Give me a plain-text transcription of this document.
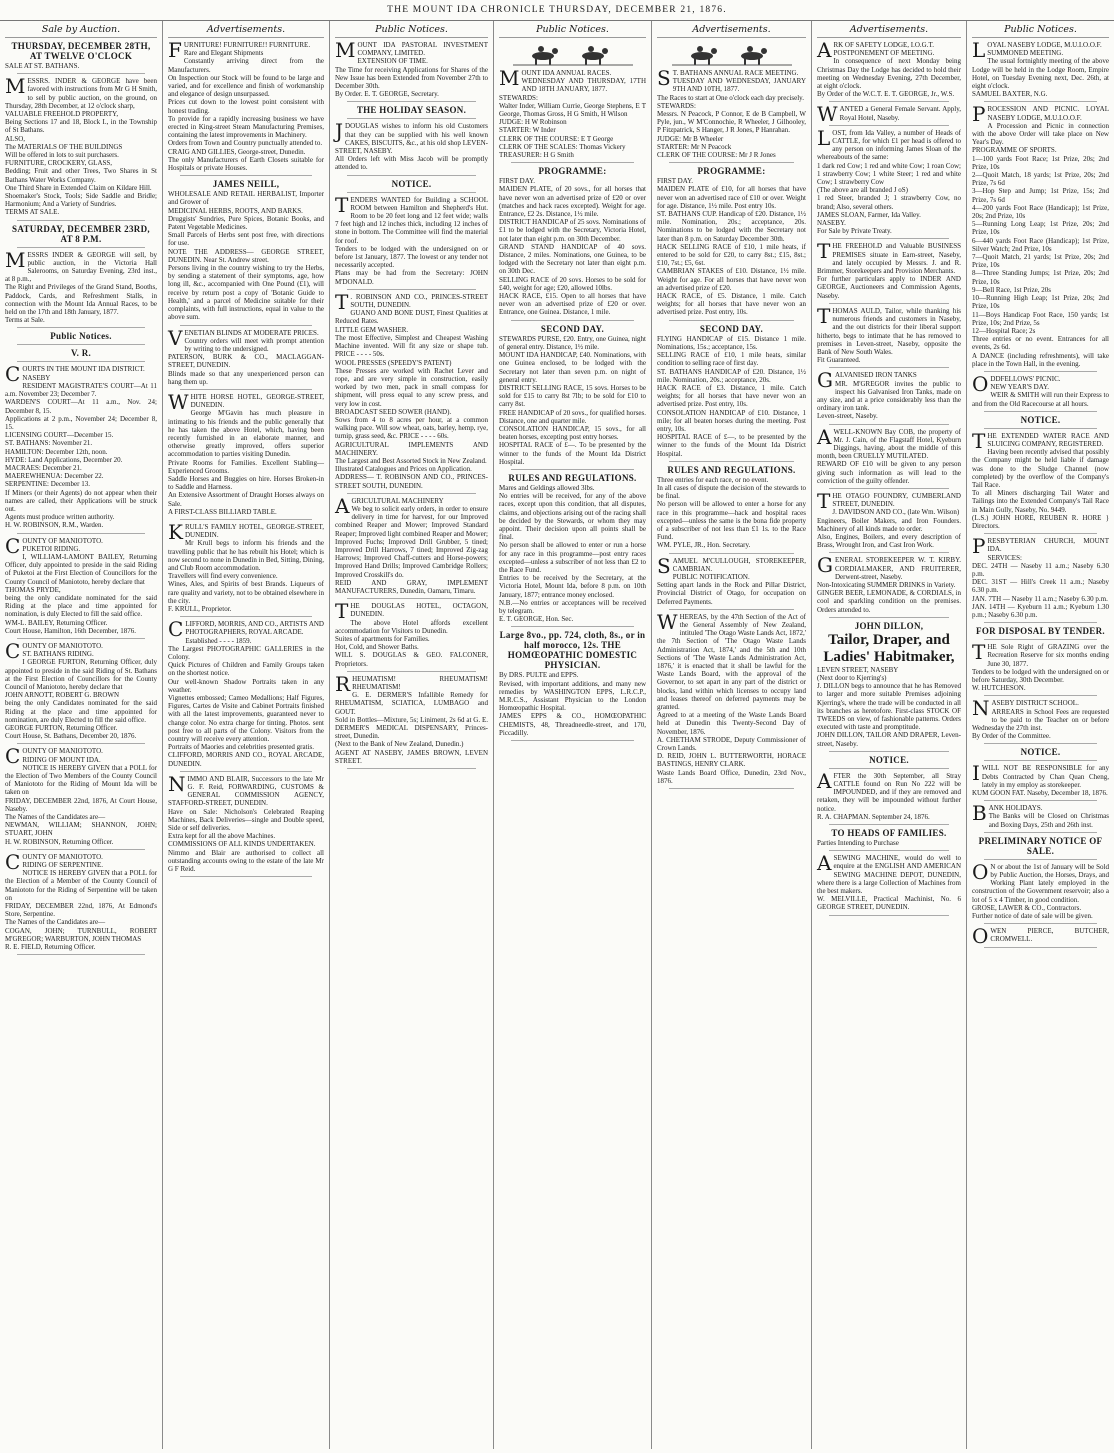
THE MOUNT IDA CHRONICLE THURSDAY, DECEMBER 21, 1876.
Sale by Auction.
THURSDAY, DECEMBER 28TH, AT TWELVE O'CLOCK
SALE AT ST. BATHANS.
MESSRS. INDER & GEORGE have been favored with instructions from Mr G H Smith, to sell by public auction, on the ground, on Thursday, 28th December, at 12 o'clock sharp,
VALUABLE FREEHOLD PROPERTY,
Being Sections 17 and 18, Block I., in the Township of St Bathans.
ALSO,
The MATERIALS OF THE BUILDINGS
Will be offered in lots to suit purchasers.
FURNITURE, CROCKERY, GLASS,
Bedding; Fruit and other Trees, Two Shares in St Bathans Water Works Company.
One Third Share in Extended Claim on Kildare Hill.
Shoemaker's Stock, Tools; Side Saddle and Bridle; Harmonium; And a Variety of Sundries.
TERMS AT SALE.
SATURDAY, DECEMBER 23RD, AT 8 P.M.
MESSRS INDER & GEORGE will sell, by public auction, in the Victoria Hall Salerooms, on Saturday Evening, 23rd inst., at 8 p.m.,
The Right and Privileges of the Grand Stand, Booths, Paddock, Cards, and Refreshment Stalls, in connection with the Mount Ida Annual Races, to be held on the 17th and 18th January, 1877.
Terms at Sale.
Public Notices.
V. R.
COURTS IN THE MOUNT IDA DISTRICT.
NASEBY
RESIDENT MAGISTRATE'S COURT—At 11 a.m. November 23; December 7.
WARDEN'S COURT—At 11 a.m., Nov. 24; December 8, 15.
Applications at 2 p.m., November 24; December 8, 15.
LICENSING COURT—December 15.
ST. BATHANS: November 21.
HAMILTON: December 12th, noon.
HYDE: Land Applications, December 20.
MACRAES: December 21.
MAEREWHENUA: December 22.
SERPENTINE: December 13.
If Miners (or their Agents) do not appear when their names are called, their Applications will be struck out.
Agents must produce written authority.
H. W. ROBINSON, R.M., Warden.
COUNTY OF MANIOTOTO.
PUKETOI RIDING.
I, WILLIAM-LAMONT BAILEY, Returning Officer, duly appointed to preside in the said Riding of Puketoi at the First Election of Councillors for the County Council of Maniototo, hereby declare that
THOMAS PRYDE,
being the only candidate nominated for the said Riding at the place and time appointed for nomination, is duly Elected to fill the said office.
WM-L. BAILEY, Returning Officer.
Court House, Hamilton, 16th December, 1876.
COUNTY OF MANIOTOTO.
ST. BATHANS RIDING.
I GEORGE FURTON, Returning Officer, duly appointed to preside in the said Riding of St. Bathans at the First Election of Councillors for the County Council of Maniototo, hereby declare that
JOHN ARNOTT, ROBERT G. BROWN
being the only Candidates nominated for the said Riding at the place and time appointed for nomination, are duly Elected to fill the said office.
GEORGE FURTON, Returning Officer.
Court House, St. Bathans, December 20, 1876.
COUNTY OF MANIOTOTO.
RIDING OF MOUNT IDA.
NOTICE IS HEREBY GIVEN that a POLL for the Election of Two Members of the County Council of Maniototo for the Riding of Mount Ida will be taken on
FRIDAY, DECEMBER 22nd, 1876, At Court House, Naseby.
The Names of the Candidates are—
NEWMAN, WILLIAM; SHANNON, JOHN; STUART, JOHN
H. W. ROBINSON, Returning Officer.
COUNTY OF MANIOTOTO.
RIDING OF SERPENTINE.
NOTICE IS HEREBY GIVEN that a POLL for the Election of a Member of the County Council of Maniototo for the Riding of Serpentine will be taken on
FRIDAY, DECEMBER 22nd, 1876, At Edmond's Store, Serpentine.
The Names of the Candidates are—
COGAN, JOHN; TURNBULL, ROBERT M'GREGOR; WARBURTON, JOHN THOMAS
R. E. FIELD, Returning Officer.
Advertisements.
FURNITURE! FURNITURE!! FURNITURE.
Rare and Elegant Shipments
Constantly arriving direct from the Manufacturers.
On Inspection our Stock will be found to be large and varied, and for excellence and finish of workmanship and elegance of design unsurpassed.
Prices cut down to the lowest point consistent with honest trading.
To provide for a rapidly increasing business we have erected in King-street Steam Manufacturing Premises, containing the latest improvements in Machinery.
Orders from Town and Country punctually attended to.
CRAIG AND GILLIES, George-street, Dunedin.
The only Manufacturers of Earth Closets suitable for Hospitals or private Houses.
JAMES NEILL,
WHOLESALE AND RETAIL HERBALIST, Importer and Grower of
MEDICINAL HERBS, ROOTS, AND BARKS.
Druggists' Sundries, Pure Spices, Botanic Books, and Patent Vegetable Medicines.
Small Parcels of Herbs sent post free, with directions for use.
NOTE THE ADDRESS— GEORGE STREET, DUNEDIN. Near St. Andrew street.
Persons living in the country wishing to try the Herbs, by sending a statement of their symptoms, age, how long ill, &c., accompanied with One Pound (£1), will receive by return post a copy of 'Botanic Guide to Health,' and a parcel of Medicine suitable for their complaints, with full instructions, equal in value to the above sum.
VENETIAN BLINDS AT MODERATE PRICES.
Country orders will meet with prompt attention by writing to the undersigned.
PATERSON, BURK & CO., MACLAGGAN-STREET, DUNEDIN.
Blinds made so that any unexperienced person can hang them up.
WHITE HORSE HOTEL, GEORGE-STREET, DUNEDIN.
George M'Gavin has much pleasure in intimating to his friends and the public generally that he has taken the above Hotel, which, having been recently furnished in an elaborate manner, and otherwise greatly improved, offers superior accommodation to parties visiting Dunedin.
Private Rooms for Families. Excellent Stabling—Experienced Grooms.
Saddle Horses and Buggies on hire. Horses Broken-in to Saddle and Harness.
An Extensive Assortment of Draught Horses always on Sale.
A FIRST-CLASS BILLIARD TABLE.
KRULL'S FAMILY HOTEL, GEORGE-STREET, DUNEDIN.
Mr Krull begs to inform his friends and the travelling public that he has rebuilt his Hotel; which is now second to none in Dunedin in Bed, Sitting, Dining, and Club Room accommodation.
Travellers will find every convenience.
Wines, Ales, and Spirits of best Brands. Liqueurs of rare quality and variety, not to be obtained elsewhere in the city.
F. KRULL, Proprietor.
CLIFFORD, MORRIS, AND CO., ARTISTS AND PHOTOGRAPHERS, ROYAL ARCADE.
Established - - - - 1859.
The Largest PHOTOGRAPHIC GALLERIES in the Colony.
Quick Pictures of Children and Family Groups taken on the shortest notice.
Our well-known Shadow Portraits taken in any weather.
Vignettes embossed; Cameo Medallions; Half Figures, Figures, Cartes de Visite and Cabinet Portraits finished with all the latest improvements, guaranteed never to change color. No extra charge for tinting. Photos. sent post free to all parts of the Colony. Visitors from the country will receive every attention.
Portraits of Maories and celebrities presented gratis.
CLIFFORD, MORRIS AND CO., ROYAL ARCADE, DUNEDIN.
NIMMO AND BLAIR, Successors to the late Mr G. F. Reid, FORWARDING, CUSTOMS & GENERAL COMMISSION AGENCY, STAFFORD-STREET, DUNEDIN.
Have on Sale: Nicholson's Celebrated Reaping Machines, Back Deliveries—single and Double speed, Side or self deliveries.
Extra kept for all the above Machines.
COMMISSIONS OF ALL KINDS UNDERTAKEN.
Nimmo and Blair are authorised to collect all outstanding accounts owing to the estate of the late Mr G F Reid.
Public Notices.
MOUNT IDA PASTORAL INVESTMENT COMPANY, LIMITED.
EXTENSION OF TIME.
The Time for receiving Applications for Shares of the New Issue has been Extended from November 27th to December 30th.
By Order. E. T. GEORGE, Secretary.
THE HOLIDAY SEASON.
JDOUGLAS wishes to inform his old Customers that they can be supplied with his well known CAKES, BISCUITS, &c., at his old shop LEVEN-STREET, NASEBY.
All Orders left with Miss Jacob will be promptly attended to.
NOTICE.
TENDERS WANTED for Building a SCHOOL ROOM between Hamilton and Shepherd's Hut. Room to be 20 feet long and 12 feet wide; walls 7 feet high and 12 inches thick, including 12 inches of stone in bottom. The Committee will find the material for roof.
Tenders to be lodged with the undersigned on or before 1st January, 1877. The lowest or any tender not necessarily accepted.
Plans may be had from the Secretary: JOHN M'DONALD.
T . ROBINSON AND CO., PRINCES-STREET SOUTH, DUNEDIN.
GUANO AND BONE DUST, Finest Qualities at Reduced Rates.
LITTLE GEM WASHER.
The most Effective, Simplest and Cheapest Washing Machine invented. Will fit any size or shape tub. PRICE - - - - 50s.
WOOL PRESSES (SPEEDY'S PATENT)
These Presses are worked with Rachet Lever and rope, and are very simple in construction, easily worked by two men, pack in small compass for shipment, will press equal to any screw press, and very low in cost.
BROADCAST SEED SOWER (HAND).
Sows from 4 to 8 acres per hour, at a common walking pace. Will sow wheat, oats, barley, hemp, rye, turnip, grass seed, &c. PRICE - - - - 60s.
AGRICULTURAL IMPLEMENTS AND MACHINERY.
The Largest and Best Assorted Stock in New Zealand.
Illustrated Catalogues and Prices on Application.
ADDRESS— T. ROBINSON AND CO., PRINCES-STREET SOUTH, DUNEDIN.
AGRICULTURAL MACHINERY
We beg to solicit early orders, in order to ensure delivery in time for harvest, for our Improved combined Reaper and Mower; Improved Standard Reaper; Improved light combined Reaper and Mower; Improved Fuchs; Improved Drill Grubber, 5 tined; Improved Drill Harrows, 7 tined; Improved Zig-zag Harrows; Improved Chaff-cutters and Horse-powers; Improved Hand Drills; Improved Cambridge Rollers; Improved Crosskill's do.
REID AND GRAY, IMPLEMENT MANUFACTURERS, Dunedin, Oamaru, Timaru.
THE DOUGLAS HOTEL, OCTAGON, DUNEDIN.
The above Hotel affords excellent accommodation for Visitors to Dunedin.
Suites of apartments for Families.
Hot, Cold, and Shower Baths.
WILL S. DOUGLAS & GEO. FALCONER, Proprietors.
RHEUMATISM! RHEUMATISM! RHEUMATISM!
G. E. DERMER'S Infallible Remedy for RHEUMATISM, SCIATICA, LUMBAGO and GOUT.
Sold in Bottles—Mixture, 5s; Liniment, 2s 6d at G. E. DERMER'S MEDICAL DISPENSARY, Princes-street, Dunedin.
(Next to the Bank of New Zealand, Dunedin.)
AGENT AT NASEBY, JAMES BROWN, LEVEN STREET.
Public Notices.
MOUNT IDA ANNUAL RACES.
WEDNESDAY AND THURSDAY, 17TH AND 18TH JANUARY, 1877.
STEWARDS:
Walter Inder, William Currie, George Stephens, E T George, Thomas Gross, H G Smith, H Wilson
JUDGE: H W Robinson
STARTER: W Inder
CLERK OF THE COURSE: E T George
CLERK OF THE SCALES: Thomas Vickery
TREASURER: H G Smith
PROGRAMME:
FIRST DAY.
MAIDEN PLATE, of 20 sovs., for all horses that have never won an advertised prize of £20 or over (matches and hack races excepted). Weight for age. Entrance, £2 2s. Distance, 1½ mile.
DISTRICT HANDICAP of 25 sovs. Nominations of £1 to be lodged with the Secretary, Victoria Hotel, not later than eight p.m. on 30th December.
GRAND STAND HANDICAP of 40 sovs. Distance, 2 miles. Nominations, one Guinea, to be lodged with the Secretary not later than eight p.m. on 30th Dec.
SELLING RACE of 20 sovs. Horses to be sold for £40, weight for age; £20, allowed 10lbs.
HACK RACE, £15. Open to all horses that have never won an advertised prize of £20 or over. Entrance, one Guinea. Distance, 1 mile.
SECOND DAY.
STEWARDS PURSE, £20. Entry, one Guinea, night of general entry. Distance, 1½ mile.
MOUNT IDA HANDICAP, £40. Nominations, with one Guinea enclosed, to be lodged with the Secretary not later than seven p.m. on night of general entry.
DISTRICT SELLING RACE, 15 sovs. Horses to be sold for £15 to carry 8st 7lb; to be sold for £10 to carry 8st.
FREE HANDICAP of 20 sovs., for qualified horses. Distance, one and quarter mile.
CONSOLATION HANDICAP, 15 sovs., for all beaten horses, excepting post entry horses.
HOSPITAL RACE of £—. To be presented by the winner to the funds of the Mount Ida District Hospital.
RULES AND REGULATIONS.
Mares and Geldings allowed 3lbs.
No entries will be received, for any of the above races, except upon this condition, that all disputes, claims, and objections arising out of the racing shall be decided by the Stewards, or whom they may appoint. Their decision upon all points shall be final.
No person shall be allowed to enter or run a horse for any race in this programme—post entry races excepted—unless a subscriber of not less than £2 to the Race Fund.
Entries to be received by the Secretary, at the Victoria Hotel, Mount Ida, before 8 p.m. on 10th January, 1877; entrance money enclosed.
N.B.—No entries or acceptances will be received by telegram.
E. T. GEORGE, Hon. Sec.
Large 8vo., pp. 724, cloth, 8s., or in half morocco, 12s. THE HOMŒOPATHIC DOMESTIC PHYSICIAN.
By DRS. PULTE and EPPS.
Revised, with important additions, and many new remedies by WASHINGTON EPPS, L.R.C.P., M.R.C.S., Assistant Physician to the London Homœopathic Hospital.
JAMES EPPS & CO., HOMŒOPATHIC CHEMISTS, 48, Threadneedle-street, and 170, Piccadilly.
Advertisements.
S T. BATHANS ANNUAL RACE MEETING.
TUESDAY AND WEDNESDAY, JANUARY 9TH AND 10TH, 1877.
The Races to start at One o'clock each day precisely.
STEWARDS:
Messrs. N Peacock, P Connor, E de B Campbell, W Pyle, jun., W M'Connochie, R Wheeler, J Gilhooley, P Fitzpatrick, S Hanger, J R Jones, P Hanrahan.
JUDGE: Mr B Wheeler
STARTER: Mr N Peacock
CLERK OF THE COURSE: Mr J R Jones
PROGRAMME:
FIRST DAY.
MAIDEN PLATE of £10, for all horses that have never won an advertised race of £10 or over. Weight for age. Distance, 1½ mile. Post entry 10s.
ST. BATHANS CUP. Handicap of £20. Distance, 1½ mile. Nomination, 20s.; acceptance, 20s. Nominations to be lodged with the Secretary not later than 8 p.m. on Saturday December 30th.
HACK SELLING RACE of £10, 1 mile heats, if entered to be sold for £20, to carry 8st.; £15, 8st.; £10, 7st.; £5, 6st.
CAMBRIAN STAKES of £10. Distance, 1½ mile. Weight for age. For all horses that have never won an advertised prize of £20.
HACK RACE, of £5. Distance, 1 mile. Catch weights; for all horses that have never won an advertised prize. Post entry, 10s.
SECOND DAY.
FLYING HANDICAP of £15. Distance 1 mile. Nominations, 15s.; acceptance, 15s.
SELLING RACE of £10, 1 mile heats, similar condition to selling race of first day.
ST. BATHANS HANDICAP of £20. Distance, 1½ mile. Nomination, 20s.; acceptance, 20s.
HACK RACE of £3. Distance, 1 mile. Catch weights; for all horses that have never won an advertised prize. Post entry, 10s.
CONSOLATION HANDICAP of £10. Distance, 1 mile; for all beaten horses during the meeting. Post entry, 10s.
HOSPITAL RACE of £—, to be presented by the winner to the funds of the Mount Ida District Hospital.
RULES AND REGULATIONS.
Three entries for each race, or no event.
In all cases of dispute the decision of the stewards to be final.
No person will be allowed to enter a horse for any race in this programme—hack and hospital races excepted—unless the same is the bona fide property of a subscriber of not less than £1 1s. to the Race Fund.
WM. PYLE, JR., Hon. Secretary.
SAMUEL M'CULLOUGH, STOREKEEPER, CAMBRIAN.
PUBLIC NOTIFICATION.
Setting apart lands in the Rock and Pillar District, Provincial District of Otago, for occupation on Deferred Payments.
WHEREAS, by the 47th Section of the Act of the General Assembly of New Zealand, intituled 'The Otago Waste Lands Act, 1872,' the 7th Section of 'The Otago Waste Lands Administration Act, 1874,' and the 5th and 10th Sections of 'The Waste Lands Administration Act, 1876,' it is enacted that it shall be lawful for the Waste Lands Board, with the approval of the Governor, to set apart in any part of the district or blocks, land within which licenses to occupy land and leases thereof on deferred payments may be granted.
Agreed to at a meeting of the Waste Lands Board held at Dunedin this Twenty-Second Day of November, 1876.
A. CHETHAM STRODE, Deputy Commissioner of Crown Lands.
D. REID, JOHN L. BUTTERWORTH, HORACE BASTINGS, HENRY CLARK.
Waste Lands Board Office, Dunedin, 23rd Nov., 1876.
Advertisements.
ARK OF SAFETY LODGE, I.O.G.T.
POSTPONEMENT OF MEETING.
In consequence of next Monday being Christmas Day the Lodge has decided to hold their meeting on Wednesday Evening, 27th December, at eight o'clock.
By Order of the W.C.T. E. T. GEORGE, Jr., W.S.
WANTED a General Female Servant. Apply, Royal Hotel, Naseby.
LOST, from Ida Valley, a number of Heads of CATTLE, for which £1 per head is offered to any person on informing James Sloan of the whereabouts of the same:
1 dark red Cow; 1 red and white Cow; 1 roan Cow; 1 strawberry Cow; 1 white Steer; 1 red and white Cow; 1 strawberry Cow
(The above are all branded J oS)
1 red Steer, branded J; 1 strawberry Cow, no brand; Also, several others.
JAMES SLOAN, Farmer, Ida Valley.
NASEBY.
For Sale by Private Treaty.
THE FREEHOLD and Valuable BUSINESS PREMISES situate in Earn-street, Naseby, and lately occupied by Messrs. J. and R. Brimmer, Storekeepers and Provision Merchants.
For further particulars apply to INDER AND GEORGE, Auctioneers and Commission Agents, Naseby.
THOMAS AULD, Tailor, while thanking his numerous friends and customers in Naseby, and the out districts for their liberal support hitherto, begs to intimate that he has removed to premises in Leven-street, Naseby, opposite the Bank of New South Wales.
Fit Guaranteed.
GALVANISED IRON TANKS
MR. M'GREGOR invites the public to inspect his Galvanised Iron Tanks, made on any size, and at a price considerably less than the ordinary iron tank.
Leven-street, Naseby.
AWELL-KNOWN Bay COB, the property of Mr. J. Cain, of the Flagstaff Hotel, Kyeburn Diggings, having, about the middle of this month, been CRUELLY MUTILATED.
REWARD OF £10 will be given to any person giving such information as will lead to the conviction of the guilty offender.
THE OTAGO FOUNDRY, CUMBERLAND STREET, DUNEDIN.
J. DAVIDSON AND CO., (late Wm. Wilson)
Engineers, Boiler Makers, and Iron Founders. Machinery of all kinds made to order.
Also, Engines, Boilers, and every description of Brass, Wrought Iron, and Cast Iron Work.
GENERAL STOREKEEPER W. T. KIRBY. CORDIALMAKER, AND FRUITERER, Derwent-street, Naseby.
Non-Intoxicating SUMMER DRINKS in Variety.
GINGER BEER, LEMONADE, & CORDIALS, in cool and sparkling condition on the premises. Orders attended to.
JOHN DILLON,
Tailor, Draper, and Ladies' Habitmaker,
LEVEN STREET, NASEBY
(Next door to Kjerring's)
J. DILLON begs to announce that he has Removed to larger and more suitable Premises adjoining Kjerring's, where the trade will be conducted in all its branches as heretofore. First-class STOCK OF TWEEDS on view, of fashionable patterns. Orders executed with taste and promptitude.
JOHN DILLON, TAILOR AND DRAPER, Leven-street, Naseby.
NOTICE.
AFTER the 30th September, all Stray CATTLE found on Run No 222 will be IMPOUNDED, and if they are removed and retaken, they will be impounded without further notice.
R. A. CHAPMAN. September 24, 1876.
TO HEADS OF FAMILIES.
Parties Intending to Purchase
ASEWING MACHINE, would do well to enquire at the ENGLISH AND AMERICAN SEWING MACHINE DEPOT, DUNEDIN, where there is a large Collection of Machines from the best makers.
W. MELVILLE, Practical Machinist, No. 6 GEORGE STREET, DUNEDIN.
Public Notices.
LOYAL NASEBY LODGE, M.U.I.O.O.F.
SUMMONED MEETING.
The usual fortnightly meeting of the above Lodge will be held in the Lodge Room, Empire Hotel, on Tuesday Evening next, Dec. 26th, at eight o'clock.
SAMUEL BAXTER, N.G.
PROCESSION AND PICNIC. LOYAL NASEBY LODGE, M.U.I.O.O.F.
A Procession and Picnic in connection with the above Order will take place on New Year's Day.
PROGRAMME OF SPORTS.
1—100 yards Foot Race; 1st Prize, 20s; 2nd Prize, 10s
2—Quoit Match, 18 yards; 1st Prize, 20s; 2nd Prize, 7s 6d
3—Hop Step and Jump; 1st Prize, 15s; 2nd Prize, 7s 6d
4—200 yards Foot Race (Handicap); 1st Prize, 20s; 2nd Prize, 10s
5—Running Long Leap; 1st Prize, 20s; 2nd Prize, 10s
6—440 yards Foot Race (Handicap); 1st Prize, Silver Watch; 2nd Prize, 10s
7—Quoit Match, 21 yards; 1st Prize, 20s; 2nd Prize, 10s
8—Three Standing Jumps; 1st Prize, 20s; 2nd Prize, 10s
9—Bell Race, 1st Prize, 20s
10—Running High Leap; 1st Prize, 20s; 2nd Prize, 10s
11—Boys Handicap Foot Race, 150 yards; 1st Prize, 10s; 2nd Prize, 5s
12—Hospital Race; 2s
Three entries or no event. Entrances for all events, 2s 6d.
A DANCE (including refreshments), will take place in the Town Hall, in the evening.
ODDFELLOWS' PICNIC.
NEW YEAR'S DAY.
WEIR & SMITH will run their Express to and from the Old Racecourse at all hours.
NOTICE.
THE EXTENDED WATER RACE AND SLUICING COMPANY, REGISTERED.
Having been recently advised that possibly the Company might be held liable if damage was done to the Sludge Channel (now completed) by the overflow of the Company's Tail Race.
To all Miners discharging Tail Water and Tailings into the Extended Company's Tail Race in Main Gully, Naseby, No. 9449.
(L.S.) JOHN HORE, REUBEN R. HORE } Directors.
PRESBYTERIAN CHURCH, MOUNT IDA.
SERVICES:
DEC. 24TH — Naseby 11 a.m.; Naseby 6.30 p.m.
DEC. 31ST — Hill's Creek 11 a.m.; Naseby 6.30 p.m.
JAN. 7TH — Naseby 11 a.m.; Naseby 6.30 p.m.
JAN. 14TH — Kyeburn 11 a.m.; Kyeburn 1.30 p.m.; Naseby 6.30 p.m.
FOR DISPOSAL BY TENDER.
THE Sole Right of GRAZING over the Recreation Reserve for six months ending June 30, 1877.
Tenders to be lodged with the undersigned on or before Saturday, 30th December.
W. HUTCHESON.
NASEBY DISTRICT SCHOOL.
ARREARS in School Fees are requested to be paid to the Teacher on or before Wednesday the 27th inst.
By Order of the Committee.
NOTICE.
I WILL NOT BE RESPONSIBLE for any Debts Contracted by Chan Quan Cheng, lately in my employ as storekeeper.
KUM GOON FAT. Naseby, December 18, 1876.
BANK HOLIDAYS.
The Banks will be Closed on Christmas and Boxing Days, 25th and 26th inst.
PRELIMINARY NOTICE OF SALE.
O N or about the 1st of January will be Sold by Public Auction, the Horses, Drays, and Working Plant lately employed in the construction of the Government reservoir; also a lot of 5 x 4 Timber, in good condition.
GROSE, LAWER & CO., Contractors.
Further notice of date of sale will be given.
OWEN PIERCE, BUTCHER, CROMWELL.
